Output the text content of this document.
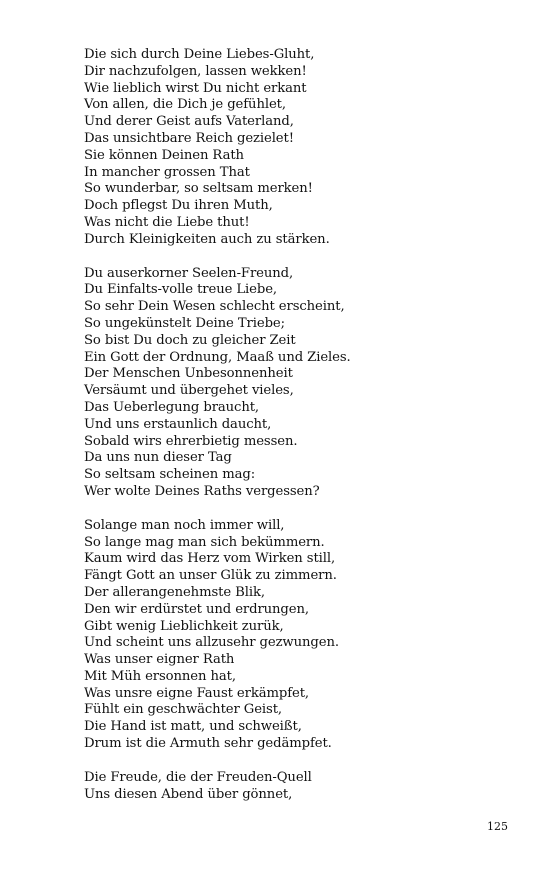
Die sich durch Deine Liebes-Gluht,
Dir nachzufolgen, lassen wekken!
Wie lieblich wirst Du nicht erkant
Von allen, die Dich je gefühlet,
Und derer Geist aufs Vaterland,
Das unsichtbare Reich gezielet!
Sie können Deinen Rath
In mancher grossen That
So wunderbar, so seltsam merken!
Doch pflegst Du ihren Muth,
Was nicht die Liebe thut!
Durch Kleinigkeiten auch zu stärken.
Du auserkorner Seelen-Freund,
Du Einfalts-volle treue Liebe,
So sehr Dein Wesen schlecht erscheint,
So ungekünstelt Deine Triebe;
So bist Du doch zu gleicher Zeit
Ein Gott der Ordnung, Maaß und Zieles.
Der Menschen Unbesonnenheit
Versäumt und übergehet vieles,
Das Ueberlegung braucht,
Und uns erstaunlich daucht,
Sobald wirs ehrerbietig messen.
Da uns nun dieser Tag
So seltsam scheinen mag:
Wer wolte Deines Raths vergessen?
Solange man noch immer will,
So lange mag man sich bekümmern.
Kaum wird das Herz vom Wirken still,
Fängt Gott an unser Glük zu zimmern.
Der allerangenehmste Blik,
Den wir erdürstet und erdrungen,
Gibt wenig Lieblichkeit zurük,
Und scheint uns allzusehr gezwungen.
Was unser eigner Rath
Mit Müh ersonnen hat,
Was unsre eigne Faust erkämpfet,
Fühlt ein geschwächter Geist,
Die Hand ist matt, und schweißt,
Drum ist die Armuth sehr gedämpfet.
Die Freude, die der Freuden-Quell
Uns diesen Abend über gönnet,
125
